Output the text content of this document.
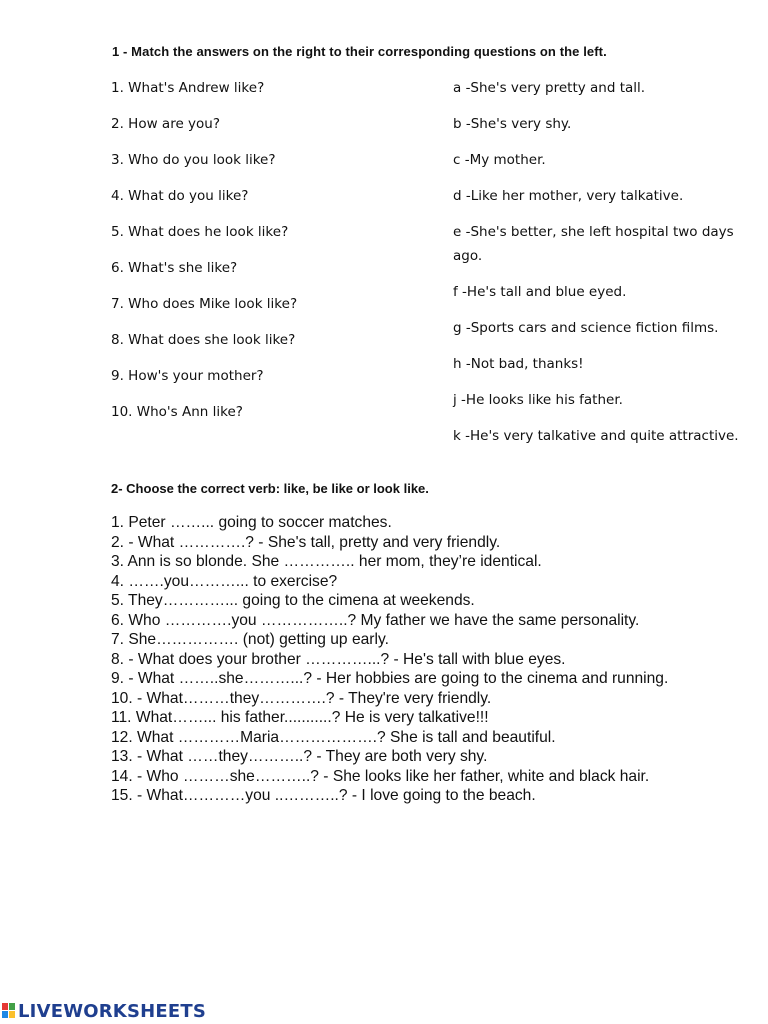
1 - Match the answers on the right to their corresponding questions on the left.
1. What's Andrew like?
2. How are you?
3. Who do you look like?
4. What do you like?
5. What does he look like?
6. What's she like?
7. Who does Mike look like?
8. What does she look like?
9. How's your mother?
10. Who's Ann like?
a -She's very pretty and tall.
b -She's very shy.
c -My mother.
d -Like her mother, very talkative.
e -She's better, she left hospital two days ago.
f -He's tall and blue eyed.
g -Sports cars and science fiction films.
h -Not bad, thanks!
j -He looks like his father.
k -He's very talkative and quite attractive.
2- Choose the correct verb: like, be like or look like.
1. Peter ……... going to soccer matches.
2. - What ………….? - She's tall, pretty and very friendly.
3. Ann is so blonde. She ………….. her mom, they’re identical.
4. …….you………... to exercise?
5. They…………... going to the cimena at weekends.
6. Who ………….you ……………..? My father we have the same personality.
7. She……………. (not) getting up early.
8. - What does your brother …………...? - He's tall with blue eyes.
9. - What ……..she………...? - Her hobbies are going to the cinema and running.
10. - What………they………….? - They're very friendly.
11. What……... his father...........? He is very talkative!!!
12. What …………Maria……………….? She is tall and beautiful.
13. - What ……they………..? - They are both very shy.
14. - Who ………she………..? - She looks like her father, white and black hair.
15. - What…………you ..………..? - I love going to the beach.
LIVEWORKSHEETS
